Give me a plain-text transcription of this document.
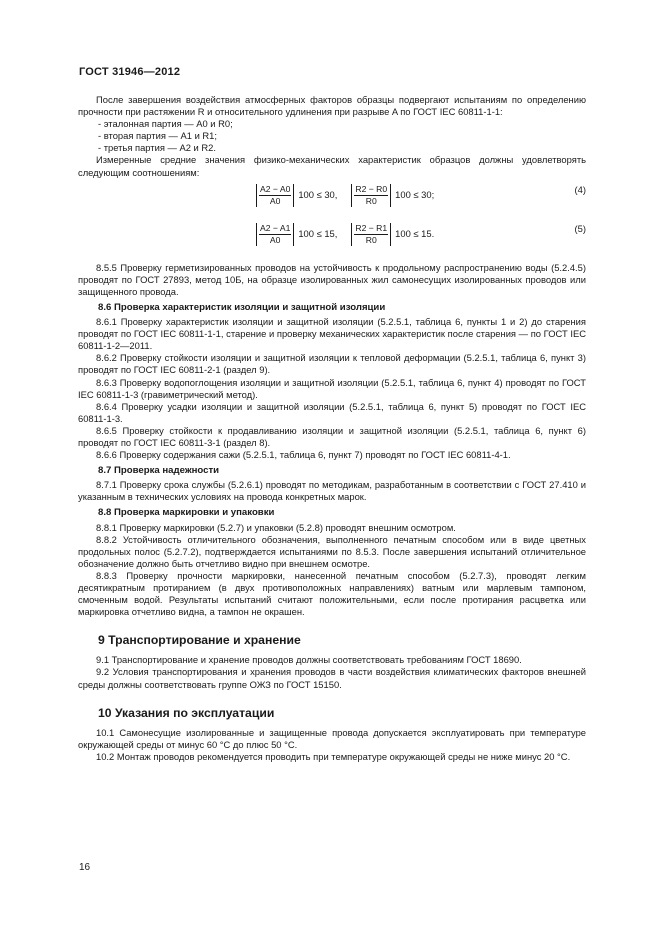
ГОСТ 31946—2012

После завершения воздействия атмосферных факторов образцы подвергают испытаниям по определению прочности при растяжении R и относительного удлинения при разрыве A по ГОСТ IEC 60811-1-1:

- эталонная партия — A0 и R0;

- вторая партия — A1 и R1;

- третья партия — A2 и R2.

Измеренные средние значения физико-механических характеристик образцов должны удовлетворять следующим соотношениям:

$\frac{A2 - A0}{A0} 100 \le 30$, $\frac{R2 - R0}{R0} 100 \le 30$;	(4)
$\frac{A2 - A1}{A0} 100 \le 15$, $\frac{R2 - R1}{R0} 100 \le 15$.	(5)

8.5.5 Проверку герметизированных проводов на устойчивость к продольному распространению воды (5.2.4.5) проводят по ГОСТ 27893, метод 10Б, на образце изолированных жил самонесущих изолированных проводов или защищенного провода.

8.6 Проверка характеристик изоляции и защитной изоляции

8.6.1 Проверку характеристик изоляции и защитной изоляции (5.2.5.1, таблица 6, пункты 1 и 2) до старения проводят по ГОСТ IEC 60811-1-1, старение и проверку механических характеристик после старения — по ГОСТ IEC 60811-1-2—2011.

8.6.2 Проверку стойкости изоляции и защитной изоляции к тепловой деформации (5.2.5.1, таблица 6, пункт 3) проводят по ГОСТ IEC 60811-2-1 (раздел 9).

8.6.3 Проверку водопоглощения изоляции и защитной изоляции (5.2.5.1, таблица 6, пункт 4) проводят по ГОСТ IEC 60811-1-3 (гравиметрический метод).

8.6.4 Проверку усадки изоляции и защитной изоляции (5.2.5.1, таблица 6, пункт 5) проводят по ГОСТ IEC 60811-1-3.

8.6.5 Проверку стойкости к продавливанию изоляции и защитной изоляции (5.2.5.1, таблица 6, пункт 6) проводят по ГОСТ IEC 60811-3-1 (раздел 8).

8.6.6 Проверку содержания сажи (5.2.5.1, таблица 6, пункт 7) проводят по ГОСТ IEC 60811-4-1.

8.7 Проверка надежности

8.7.1 Проверку срока службы (5.2.6.1) проводят по методикам, разработанным в соответствии с ГОСТ 27.410 и указанным в технических условиях на провода конкретных марок.

8.8 Проверка маркировки и упаковки

8.8.1 Проверку маркировки (5.2.7) и упаковки (5.2.8) проводят внешним осмотром.

8.8.2 Устойчивость отличительного обозначения, выполненного печатным способом или в виде цветных продольных полос (5.2.7.2), подтверждается испытаниями по 8.5.3. После завершения испытаний отличительное обозначение должно быть отчетливо видно при внешнем осмотре.

8.8.3 Проверку прочности маркировки, нанесенной печатным способом (5.2.7.3), проводят легким десятикратным протиранием (в двух противоположных направлениях) ватным или марлевым тампоном, смоченным водой. Результаты испытаний считают положительными, если после протирания расцветка или маркировка отчетливо видна, а тампон не окрашен.

9 Транспортирование и хранение

9.1 Транспортирование и хранение проводов должны соответствовать требованиям ГОСТ 18690.

9.2 Условия транспортирования и хранения проводов в части воздействия климатических факторов внешней среды должны соответствовать группе ОЖЗ по ГОСТ 15150.

10 Указания по эксплуатации

10.1 Самонесущие изолированные и защищенные провода допускается эксплуатировать при температуре окружающей среды от минус 60 °С до плюс 50 °С.

10.2 Монтаж проводов рекомендуется проводить при температуре окружающей среды не ниже минус 20 °С.

16
